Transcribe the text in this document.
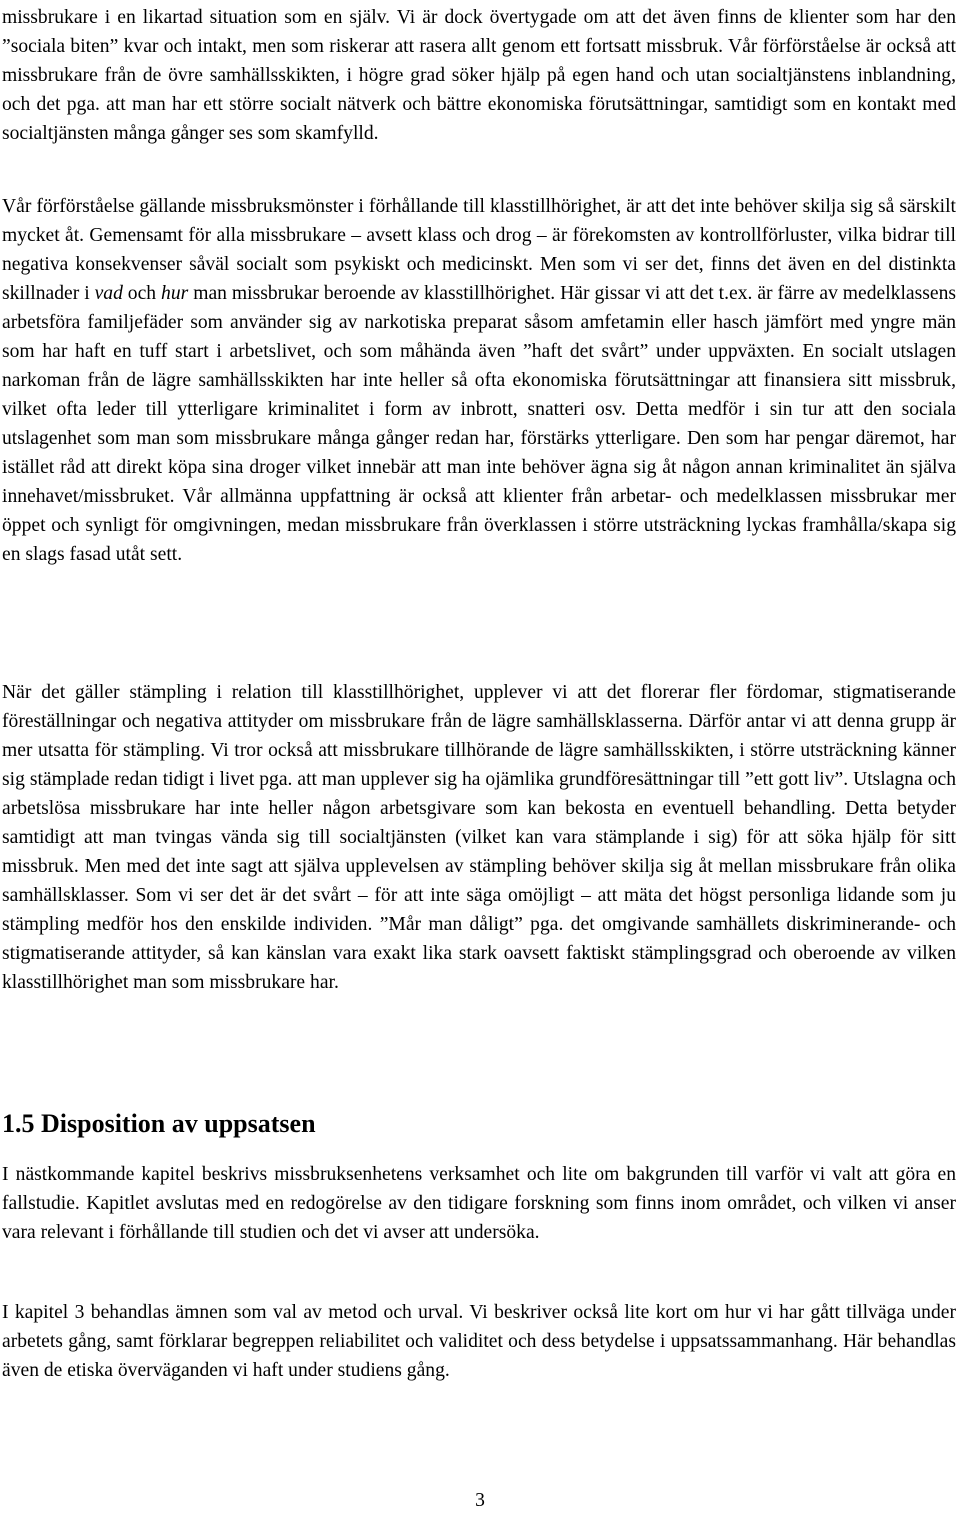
missbrukare i en likartad situation som en själv. Vi är dock övertygade om att det även finns de klienter som har den ”sociala biten” kvar och intakt, men som riskerar att rasera allt genom ett fortsatt missbruk. Vår förförståelse är också att missbrukare från de övre samhällsskikten, i högre grad söker hjälp på egen hand och utan socialtjänstens inblandning, och det pga. att man har ett större socialt nätverk och bättre ekonomiska förutsättningar, samtidigt som en kontakt med socialtjänsten många gånger ses som skamfylld.

Vår förförståelse gällande missbruksmönster i förhållande till klasstillhörighet, är att det inte behöver skilja sig så särskilt mycket åt. Gemensamt för alla missbrukare – avsett klass och drog – är förekomsten av kontrollförluster, vilka bidrar till negativa konsekvenser såväl socialt som psykiskt och medicinskt. Men som vi ser det, finns det även en del distinkta skillnader i vad och hur man missbrukar beroende av klasstillhörighet. Här gissar vi att det t.ex. är färre av medelklassens arbetsföra familjefäder som använder sig av narkotiska preparat såsom amfetamin eller hasch jämfört med yngre män som har haft en tuff start i arbetslivet, och som måhända även ”haft det svårt” under uppväxten. En socialt utslagen narkoman från de lägre samhällsskikten har inte heller så ofta ekonomiska förutsättningar att finansiera sitt missbruk, vilket ofta leder till ytterligare kriminalitet i form av inbrott, snatteri osv. Detta medför i sin tur att den sociala utslagenhet som man som missbrukare många gånger redan har, förstärks ytterligare. Den som har pengar däremot, har istället råd att direkt köpa sina droger vilket innebär att man inte behöver ägna sig åt någon annan kriminalitet än själva innehavet/missbruket. Vår allmänna uppfattning är också att klienter från arbetar- och medelklassen missbrukar mer öppet och synligt för omgivningen, medan missbrukare från överklassen i större utsträckning lyckas framhålla/skapa sig en slags fasad utåt sett.

När det gäller stämpling i relation till klasstillhörighet, upplever vi att det florerar fler fördomar, stigmatiserande föreställningar och negativa attityder om missbrukare från de lägre samhällsklasserna. Därför antar vi att denna grupp är mer utsatta för stämpling. Vi tror också att missbrukare tillhörande de lägre samhällsskikten, i större utsträckning känner sig stämplade redan tidigt i livet pga. att man upplever sig ha ojämlika grundföresättningar till ”ett gott liv”. Utslagna och arbetslösa missbrukare har inte heller någon arbetsgivare som kan bekosta en eventuell behandling. Detta betyder samtidigt att man tvingas vända sig till socialtjänsten (vilket kan vara stämplande i sig) för att söka hjälp för sitt missbruk. Men med det inte sagt att själva upplevelsen av stämpling behöver skilja sig åt mellan missbrukare från olika samhällsklasser. Som vi ser det är det svårt – för att inte säga omöjligt – att mäta det högst personliga lidande som ju stämpling medför hos den enskilde individen. ”Mår man dåligt” pga. det omgivande samhällets diskriminerande- och stigmatiserande attityder, så kan känslan vara exakt lika stark oavsett faktiskt stämplingsgrad och oberoende av vilken klasstillhörighet man som missbrukare har.

1.5 Disposition av uppsatsen

I nästkommande kapitel beskrivs missbruksenhetens verksamhet och lite om bakgrunden till varför vi valt att göra en fallstudie. Kapitlet avslutas med en redogörelse av den tidigare forskning som finns inom området, och vilken vi anser vara relevant i förhållande till studien och det vi avser att undersöka.

I kapitel 3 behandlas ämnen som val av metod och urval. Vi beskriver också lite kort om hur vi har gått tillväga under arbetets gång, samt förklarar begreppen reliabilitet och validitet och dess betydelse i uppsatssammanhang. Här behandlas även de etiska överväganden vi haft under studiens gång.

3
